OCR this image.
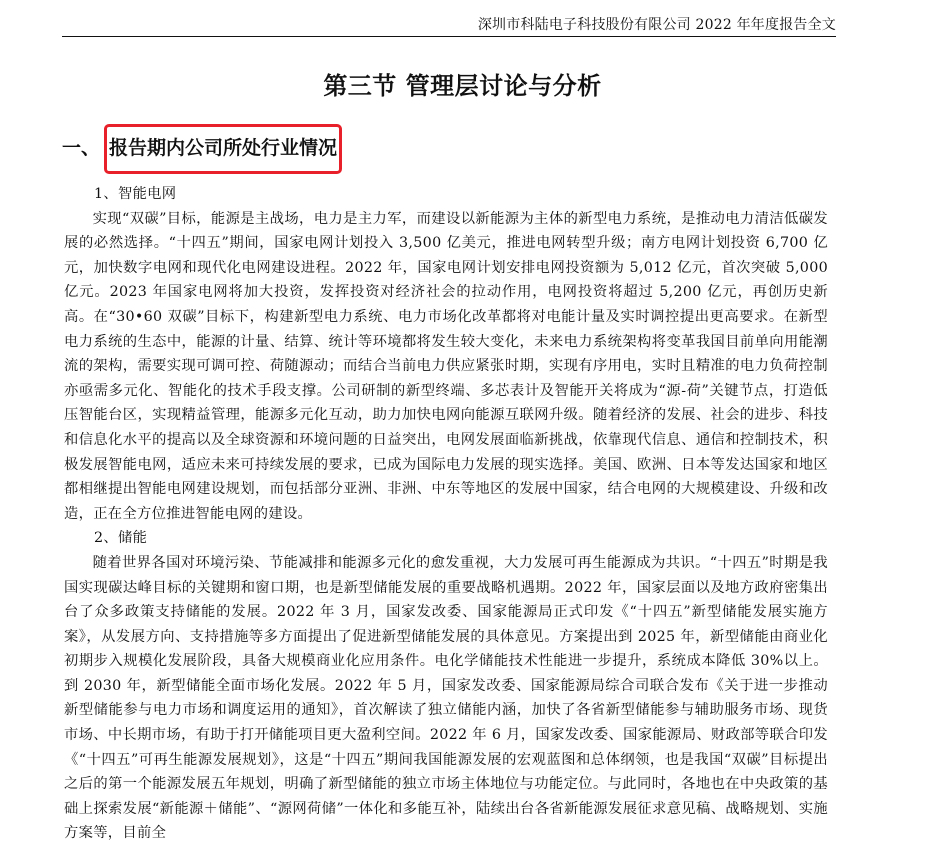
深圳市科陆电子科技股份有限公司 2022 年年度报告全文
第三节 管理层讨论与分析
一、 报告期内公司所处行业情况

1、智能电网

实现“双碳”目标，能源是主战场，电力是主力军，而建设以新能源为主体的新型电力系统，是推动电力清洁低碳发展的必然选择。“十四五”期间，国家电网计划投入 3,500 亿美元，推进电网转型升级；南方电网计划投资 6,700 亿元，加快数字电网和现代化电网建设进程。2022 年，国家电网计划安排电网投资额为 5,012 亿元，首次突破 5,000 亿元。2023 年国家电网将加大投资，发挥投资对经济社会的拉动作用，电网投资将超过 5,200 亿元，再创历史新高。在“30•60 双碳”目标下，构建新型电力系统、电力市场化改革都将对电能计量及实时调控提出更高要求。在新型电力系统的生态中，能源的计量、结算、统计等环境都将发生较大变化，未来电力系统架构将变革我国目前单向用能潮流的架构，需要实现可调可控、荷随源动；而结合当前电力供应紧张时期，实现有序用电，实时且精准的电力负荷控制亦亟需多元化、智能化的技术手段支撑。公司研制的新型终端、多芯表计及智能开关将成为“源-荷”关键节点，打造低压智能台区，实现精益管理，能源多元化互动，助力加快电网向能源互联网升级。随着经济的发展、社会的进步、科技和信息化水平的提高以及全球资源和环境问题的日益突出，电网发展面临新挑战，依靠现代信息、通信和控制技术，积极发展智能电网，适应未来可持续发展的要求，已成为国际电力发展的现实选择。美国、欧洲、日本等发达国家和地区都相继提出智能电网建设规划，而包括部分亚洲、非洲、中东等地区的发展中国家，结合电网的大规模建设、升级和改造，正在全方位推进智能电网的建设。

2、储能

随着世界各国对环境污染、节能减排和能源多元化的愈发重视，大力发展可再生能源成为共识。“十四五”时期是我国实现碳达峰目标的关键期和窗口期，也是新型储能发展的重要战略机遇期。2022 年，国家层面以及地方政府密集出台了众多政策支持储能的发展。2022 年 3 月，国家发改委、国家能源局正式印发《“十四五”新型储能发展实施方案》，从发展方向、支持措施等多方面提出了促进新型储能发展的具体意见。方案提出到 2025 年，新型储能由商业化初期步入规模化发展阶段，具备大规模商业化应用条件。电化学储能技术性能进一步提升，系统成本降低 30%以上。到 2030 年，新型储能全面市场化发展。2022 年 5 月，国家发改委、国家能源局综合司联合发布《关于进一步推动新型储能参与电力市场和调度运用的通知》，首次解读了独立储能内涵，加快了各省新型储能参与辅助服务市场、现货市场、中长期市场，有助于打开储能项目更大盈利空间。2022 年 6 月，国家发改委、国家能源局、财政部等联合印发《“十四五”可再生能源发展规划》，这是“十四五”期间我国能源发展的宏观蓝图和总体纲领，也是我国“双碳”目标提出之后的第一个能源发展五年规划，明确了新型储能的独立市场主体地位与功能定位。与此同时，各地也在中央政策的基础上探索发展“新能源＋储能”、“源网荷储”一体化和多能互补，陆续出台各省新能源发展征求意见稿、战略规划、实施方案等，目前全
